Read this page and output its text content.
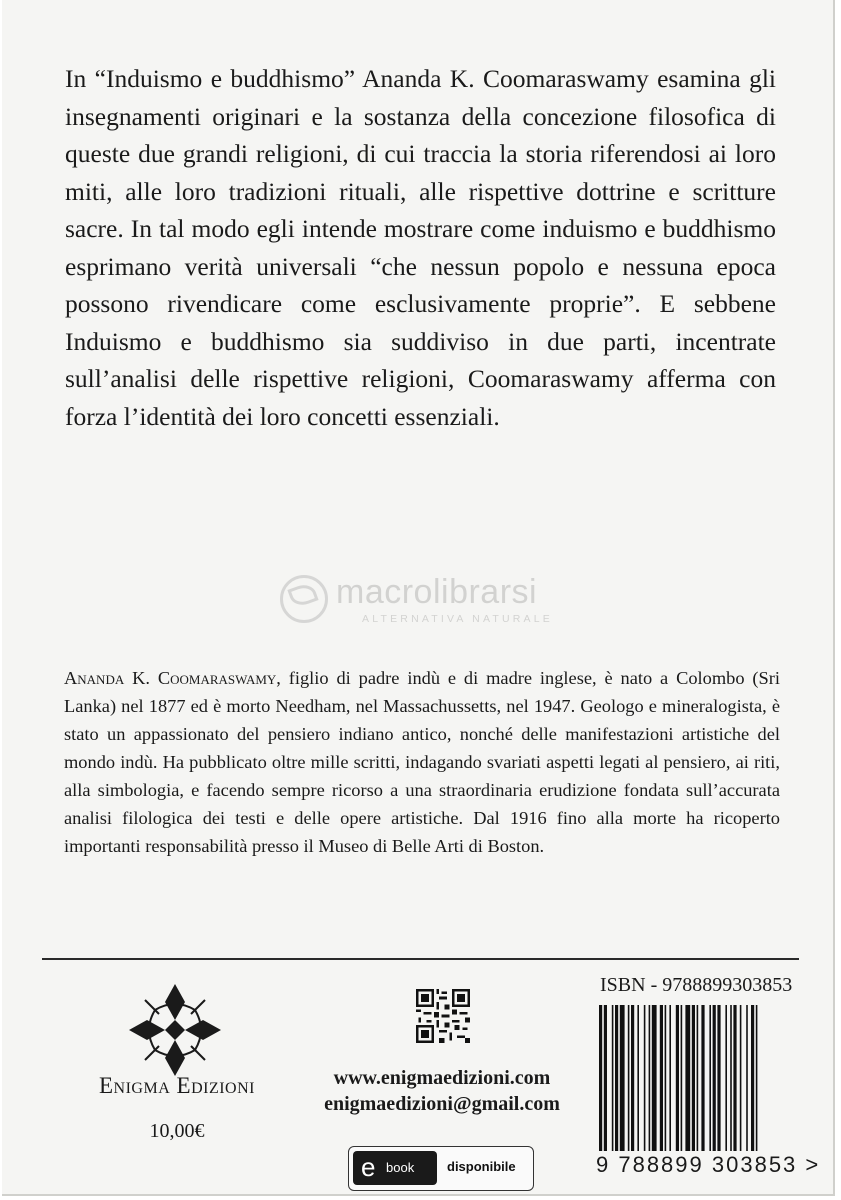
In “Induismo e buddhismo” Ananda K. Coomaraswamy esamina gli insegnamenti originari e la sostanza della concezione filosofica di queste due grandi religioni, di cui traccia la storia riferendosi ai loro miti, alle loro tradizioni rituali, alle rispettive dottrine e scritture sacre. In tal modo egli intende mostrare come induismo e buddhismo esprimano verità universali “che nessun popolo e nessuna epoca possono rivendicare come esclusivamente proprie”. E sebbene Induismo e buddhismo sia suddiviso in due parti, incentrate sull’analisi delle rispettive religioni, Coomaraswamy afferma con forza l’identità dei loro concetti essenziali.

macrolibrarsi
ALTERNATIVA NATURALE

Ananda K. Coomaraswamy, figlio di padre indù e di madre inglese, è nato a Colombo (Sri Lanka) nel 1877 ed è morto Needham, nel Massachussetts, nel 1947. Geologo e mineralogista, è stato un appassionato del pensiero indiano antico, nonché delle manifestazioni artistiche del mondo indù. Ha pubblicato oltre mille scritti, indagando svariati aspetti legati al pensiero, ai riti, alla simbologia, e facendo sempre ricorso a una straordinaria erudizione fondata sull’accurata analisi filologica dei testi e delle opere artistiche. Dal 1916 fino alla morte ha ricoperto importanti responsabilità presso il Museo di Belle Arti di Boston.

Enigma Edizioni
10,00€
www.enigmaedizioni.com
enigmaedizioni@gmail.com
e book	disponibile
ISBN - 9788899303853
9 788899 303853 >
